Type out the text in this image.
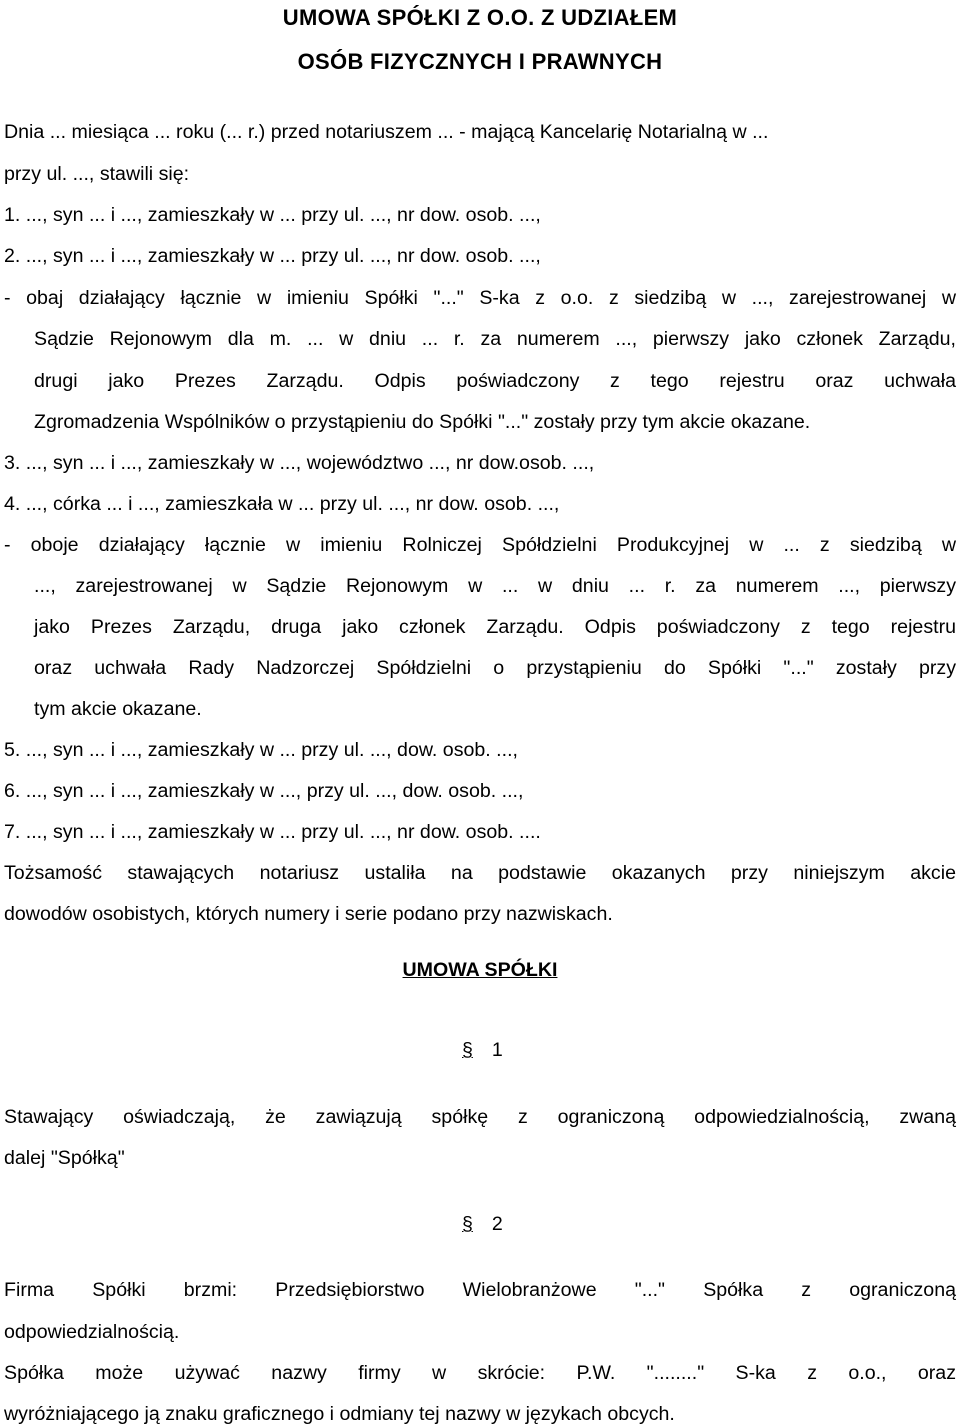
UMOWA SPÓŁKI Z O.O. Z UDZIAŁEM
OSÓB FIZYCZNYCH I PRAWNYCH
Dnia ... miesiąca ... roku (... r.) przed notariuszem ... - mającą Kancelarię Notarialną w ...
przy ul. ..., stawili się:
1. ..., syn ... i ..., zamieszkały w ... przy ul. ..., nr dow. osob. ...,
2. ..., syn ... i ..., zamieszkały w ... przy ul. ..., nr dow. osob. ...,
- obaj działający łącznie w imieniu Spółki "..." S-ka z o.o. z siedzibą w ..., zarejestrowanej w
Sądzie Rejonowym dla m. ... w dniu ... r. za numerem ..., pierwszy jako członek Zarządu,
drugi jako Prezes Zarządu. Odpis poświadczony z tego rejestru oraz uchwała
Zgromadzenia Wspólników o przystąpieniu do Spółki "..." zostały przy tym akcie okazane.
3. ..., syn ... i ..., zamieszkały w ..., województwo ..., nr dow.osob. ...,
4. ..., córka ... i ..., zamieszkała w ... przy ul. ..., nr dow. osob. ...,
- oboje działający łącznie w imieniu Rolniczej Spółdzielni Produkcyjnej w ... z siedzibą w
..., zarejestrowanej w Sądzie Rejonowym w ... w dniu ... r. za numerem ..., pierwszy
jako Prezes Zarządu, druga jako członek Zarządu. Odpis poświadczony z tego rejestru
oraz uchwała Rady Nadzorczej Spółdzielni o przystąpieniu do Spółki "..." zostały przy
tym akcie okazane.
5. ..., syn ... i ..., zamieszkały w ... przy ul. ..., dow. osob. ...,
6. ..., syn ... i ..., zamieszkały w ..., przy ul. ..., dow. osob. ...,
7. ..., syn ... i ..., zamieszkały w ... przy ul. ..., nr dow. osob. ....
Tożsamość stawających notariusz ustaliła na podstawie okazanych przy niniejszym akcie
dowodów osobistych, których numery i serie podano przy nazwiskach.
UMOWA SPÓŁKI
§ 1
Stawający oświadczają, że zawiązują spółkę z ograniczoną odpowiedzialnością, zwaną
dalej "Spółką"
§ 2
Firma Spółki brzmi: Przedsiębiorstwo Wielobranżowe "..." Spółka z ograniczoną
odpowiedzialnością.
Spółka może używać nazwy firmy w skrócie: P.W. "........" S-ka z o.o., oraz
wyróżniającego ją znaku graficznego i odmiany tej nazwy w językach obcych.
